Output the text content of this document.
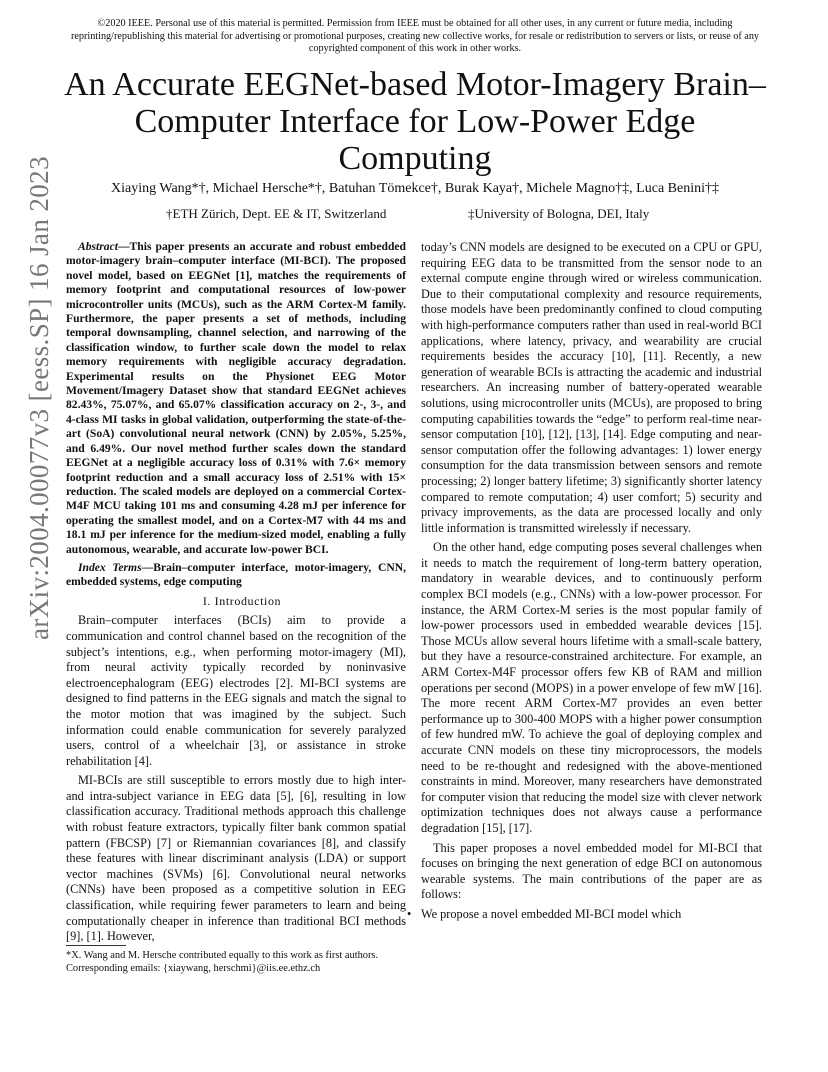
arXiv:2004.00077v3 [eess.SP] 16 Jan 2023
©2020 IEEE. Personal use of this material is permitted. Permission from IEEE must be obtained for all other uses, in any current or future media, including reprinting/republishing this material for advertising or promotional purposes, creating new collective works, for resale or redistribution to servers or lists, or reuse of any copyrighted component of this work in other works.
An Accurate EEGNet-based Motor-Imagery Brain–Computer Interface for Low-Power Edge Computing
Xiaying Wang*†, Michael Hersche*†, Batuhan Tömekce†, Burak Kaya†, Michele Magno†‡, Luca Benini†‡
†ETH Zürich, Dept. EE & IT, Switzerland	‡University of Bologna, DEI, Italy

Abstract—This paper presents an accurate and robust embedded motor-imagery brain–computer interface (MI-BCI). The proposed novel model, based on EEGNet [1], matches the requirements of memory footprint and computational resources of low-power microcontroller units (MCUs), such as the ARM Cortex-M family. Furthermore, the paper presents a set of methods, including temporal downsampling, channel selection, and narrowing of the classification window, to further scale down the model to relax memory requirements with negligible accuracy degradation. Experimental results on the Physionet EEG Motor Movement/Imagery Dataset show that standard EEGNet achieves 82.43%, 75.07%, and 65.07% classification accuracy on 2-, 3-, and 4-class MI tasks in global validation, outperforming the state-of-the-art (SoA) convolutional neural network (CNN) by 2.05%, 5.25%, and 6.49%. Our novel method further scales down the standard EEGNet at a negligible accuracy loss of 0.31% with 7.6× memory footprint reduction and a small accuracy loss of 2.51% with 15× reduction. The scaled models are deployed on a commercial Cortex-M4F MCU taking 101 ms and consuming 4.28 mJ per inference for operating the smallest model, and on a Cortex-M7 with 44 ms and 18.1 mJ per inference for the medium-sized model, enabling a fully autonomous, wearable, and accurate low-power BCI.

Index Terms—Brain–computer interface, motor-imagery, CNN, embedded systems, edge computing

I. Introduction

Brain–computer interfaces (BCIs) aim to provide a communication and control channel based on the recognition of the subject’s intentions, e.g., when performing motor-imagery (MI), from neural activity typically recorded by noninvasive electroencephalogram (EEG) electrodes [2]. MI-BCI systems are designed to find patterns in the EEG signals and match the signal to the motor motion that was imagined by the subject. Such information could enable communication for severely paralyzed users, control of a wheelchair [3], or assistance in stroke rehabilitation [4].

MI-BCIs are still susceptible to errors mostly due to high inter- and intra-subject variance in EEG data [5], [6], resulting in low classification accuracy. Traditional methods approach this challenge with robust feature extractors, typically filter bank common spatial pattern (FBCSP) [7] or Riemannian covariances [8], and classify these features with linear discriminant analysis (LDA) or support vector machines (SVMs) [6]. Convolutional neural networks (CNNs) have been proposed as a competitive solution in EEG classification, while requiring fewer parameters to learn and being computationally cheaper in inference than traditional BCI methods [9], [1]. However,

*X. Wang and M. Hersche contributed equally to this work as first authors. Corresponding emails: {xiaywang, herschmi}@iis.ee.ethz.ch

today’s CNN models are designed to be executed on a CPU or GPU, requiring EEG data to be transmitted from the sensor node to an external compute engine through wired or wireless communication. Due to their computational complexity and resource requirements, those models have been predominantly confined to cloud computing with high-performance computers rather than used in real-world BCI applications, where latency, privacy, and wearability are crucial requirements besides the accuracy [10], [11]. Recently, a new generation of wearable BCIs is attracting the academic and industrial researchers. An increasing number of battery-operated wearable solutions, using microcontroller units (MCUs), are proposed to bring computing capabilities towards the “edge” to perform real-time near-sensor computation [10], [12], [13], [14]. Edge computing and near-sensor computation offer the following advantages: 1) lower energy consumption for the data transmission between sensors and remote processing; 2) longer battery lifetime; 3) significantly shorter latency compared to remote computation; 4) user comfort; 5) security and privacy improvements, as the data are processed locally and only little information is transmitted wirelessly if necessary.

On the other hand, edge computing poses several challenges when it needs to match the requirement of long-term battery operation, mandatory in wearable devices, and to continuously perform complex BCI models (e.g., CNNs) with a low-power processor. For instance, the ARM Cortex-M series is the most popular family of low-power processors used in embedded wearable devices [15]. Those MCUs allow several hours lifetime with a small-scale battery, but they have a resource-constrained architecture. For example, an ARM Cortex-M4F processor offers few KB of RAM and million operations per second (MOPS) in a power envelope of few mW [16]. The more recent ARM Cortex-M7 provides an even better performance up to 300-400 MOPS with a higher power consumption of few hundred mW. To achieve the goal of deploying complex and accurate CNN models on these tiny microprocessors, the models need to be re-thought and redesigned with the above-mentioned constraints in mind. Moreover, many researchers have demonstrated for computer vision that reducing the model size with clever network optimization techniques does not always cause a performance degradation [15], [17].

This paper proposes a novel embedded model for MI-BCI that focuses on bringing the next generation of edge BCI on autonomous wearable systems. The main contributions of the paper are as follows:

• We propose a novel embedded MI-BCI model which
